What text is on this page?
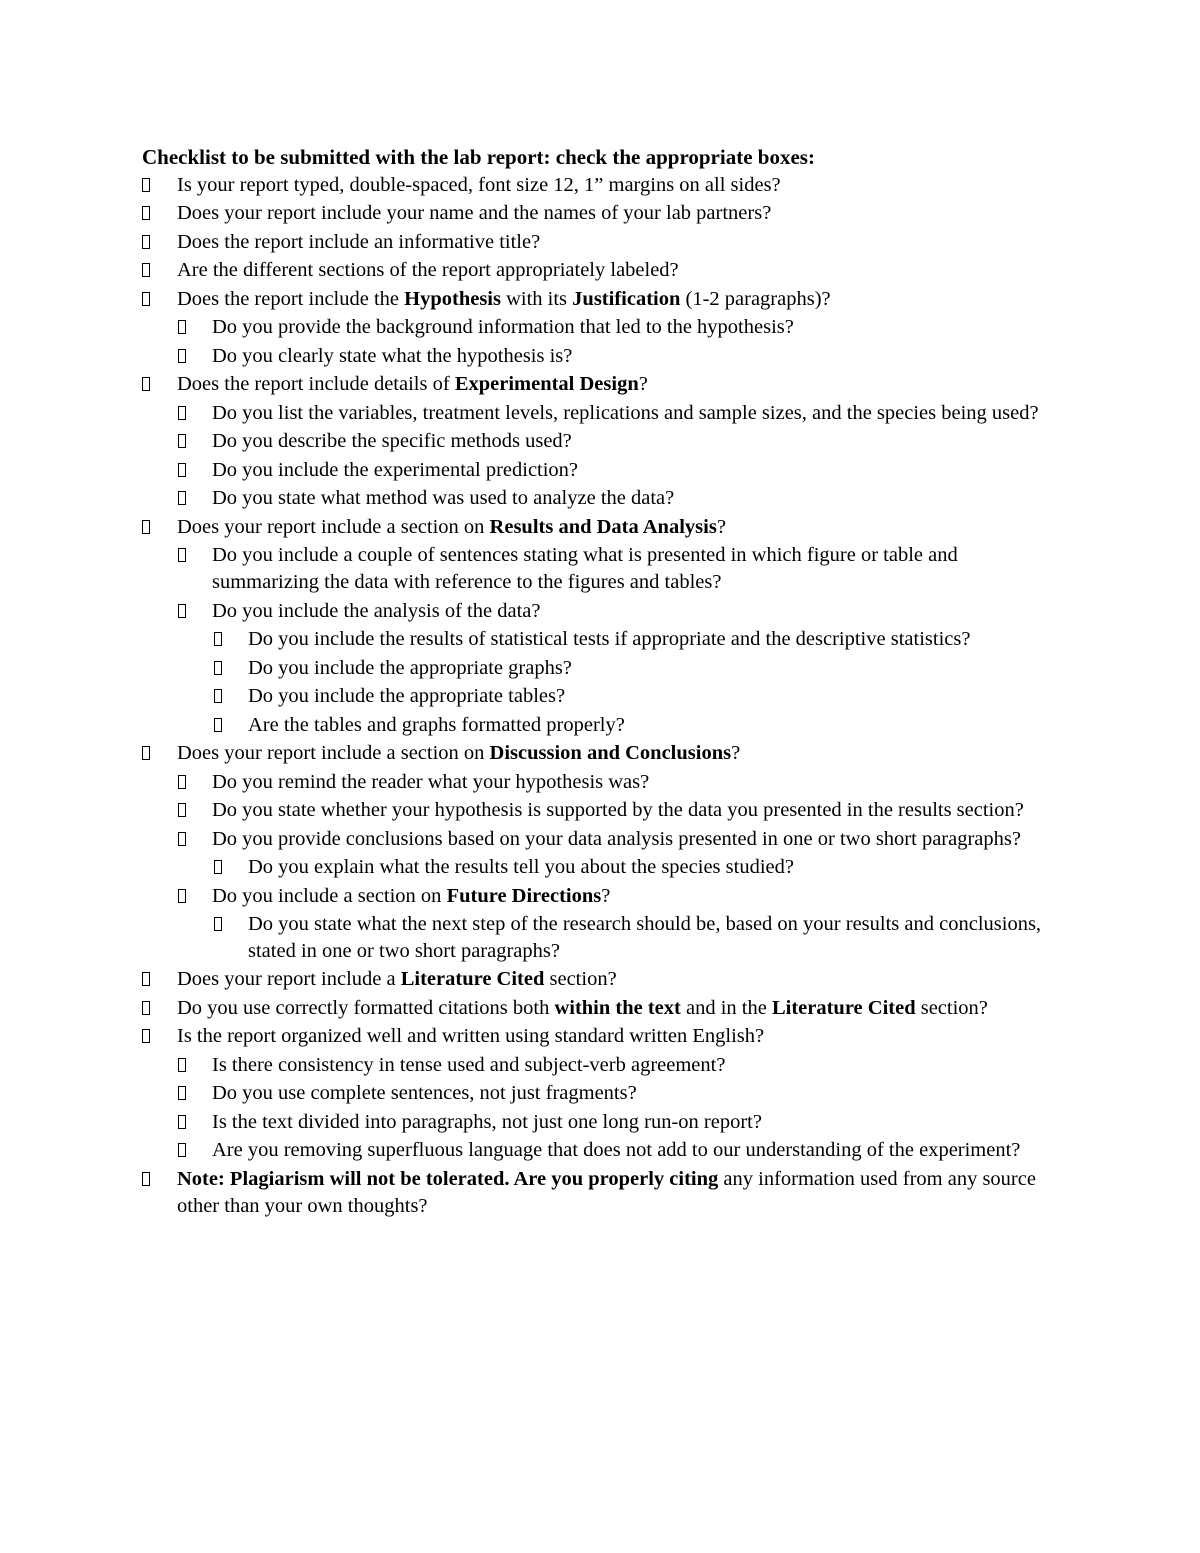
Checklist to be submitted with the lab report: check the appropriate boxes:

Is your report typed, double-spaced, font size 12, 1” margins on all sides?
Does your report include your name and the names of your lab partners?
Does the report include an informative title?
Are the different sections of the report appropriately labeled?
Does the report include the Hypothesis with its Justification (1-2 paragraphs)?
Do you provide the background information that led to the hypothesis?
Do you clearly state what the hypothesis is?
Does the report include details of Experimental Design?
Do you list the variables, treatment levels, replications and sample sizes, and the species being used?
Do you describe the specific methods used?
Do you include the experimental prediction?
Do you state what method was used to analyze the data?
Does your report include a section on Results and Data Analysis?
Do you include a couple of sentences stating what is presented in which figure or table and summarizing the data with reference to the figures and tables?
Do you include the analysis of the data?
Do you include the results of statistical tests if appropriate and the descriptive statistics?
Do you include the appropriate graphs?
Do you include the appropriate tables?
Are the tables and graphs formatted properly?
Does your report include a section on Discussion and Conclusions?
Do you remind the reader what your hypothesis was?
Do you state whether your hypothesis is supported by the data you presented in the results section?
Do you provide conclusions based on your data analysis presented in one or two short paragraphs?
Do you explain what the results tell you about the species studied?
Do you include a section on Future Directions?
Do you state what the next step of the research should be, based on your results and conclusions, stated in one or two short paragraphs?
Does your report include a Literature Cited section?
Do you use correctly formatted citations both within the text and in the Literature Cited section?
Is the report organized well and written using standard written English?
Is there consistency in tense used and subject-verb agreement?
Do you use complete sentences, not just fragments?
Is the text divided into paragraphs, not just one long run-on report?
Are you removing superfluous language that does not add to our understanding of the experiment?
Note: Plagiarism will not be tolerated. Are you properly citing any information used from any source other than your own thoughts?
